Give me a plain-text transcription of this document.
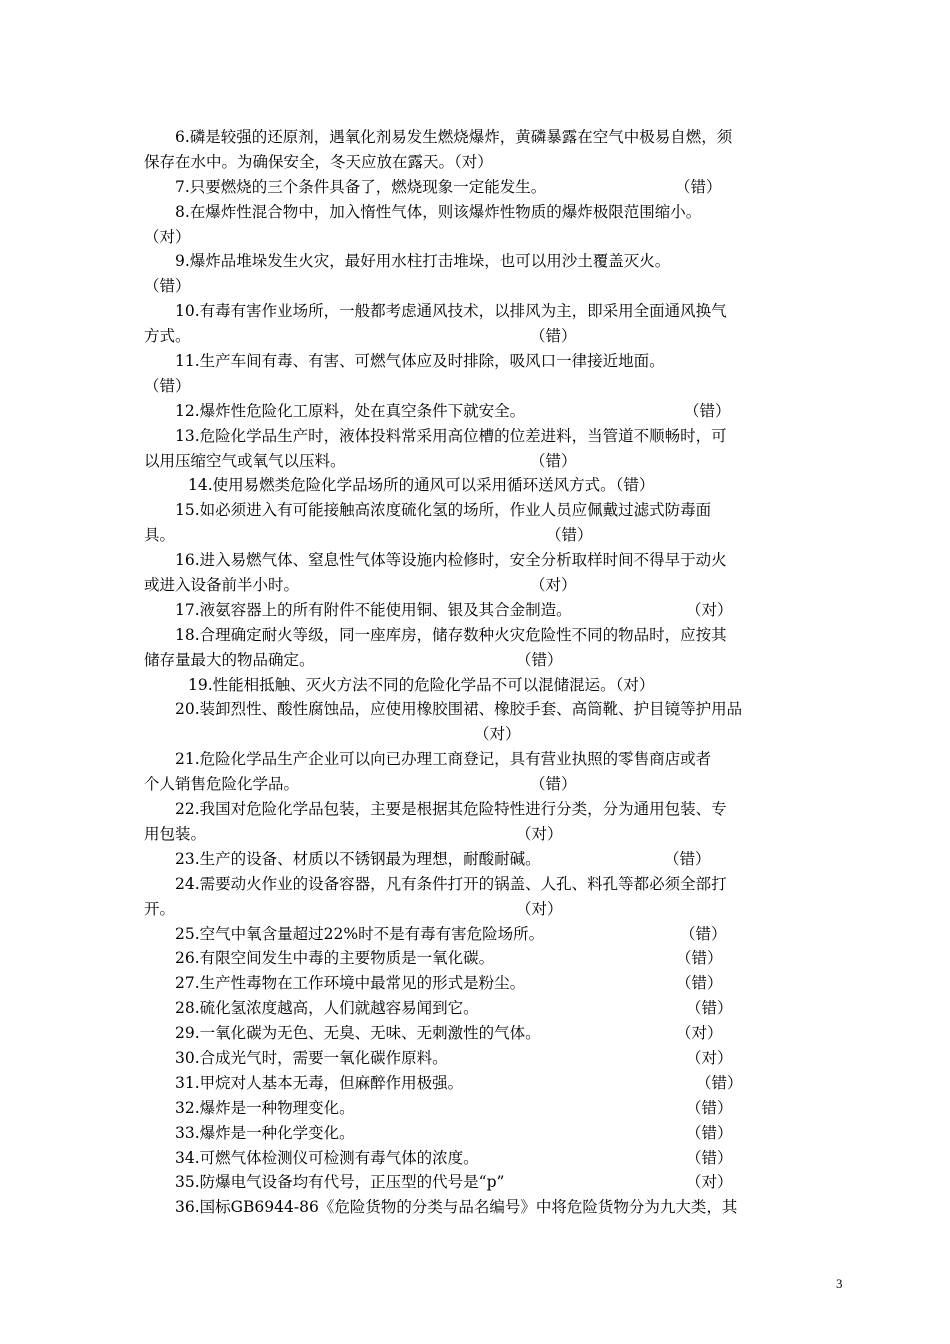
6.磷是较强的还原剂，遇氧化剂易发生燃烧爆炸，黄磷暴露在空气中极易自燃，须
保存在水中。为确保安全，冬天应放在露天。（对）
7.只要燃烧的三个条件具备了，燃烧现象一定能发生。	（错）
8.在爆炸性混合物中，加入惰性气体，则该爆炸性物质的爆炸极限范围缩小。
（对）
9.爆炸品堆垛发生火灾，最好用水柱打击堆垛，也可以用沙土覆盖灭火。
（错）
10.有毒有害作业场所，一般都考虑通风技术，以排风为主，即采用全面通风换气
方式。	（错）
11.生产车间有毒、有害、可燃气体应及时排除，吸风口一律接近地面。
（错）
12.爆炸性危险化工原料，处在真空条件下就安全。	（错）
13.危险化学品生产时，液体投料常采用高位槽的位差进料，当管道不顺畅时，可
以用压缩空气或氧气以压料。	（错）
14.使用易燃类危险化学品场所的通风可以采用循环送风方式。（错）
15.如必须进入有可能接触高浓度硫化氢的场所，作业人员应佩戴过滤式防毒面
具。	（错）
16.进入易燃气体、窒息性气体等设施内检修时，安全分析取样时间不得早于动火
或进入设备前半小时。	（对）
17.液氨容器上的所有附件不能使用铜、银及其合金制造。	（对）
18.合理确定耐火等级，同一座库房，储存数种火灾危险性不同的物品时，应按其
储存量最大的物品确定。	（错）
19.性能相抵触、灭火方法不同的危险化学品不可以混储混运。（对）
20.装卸烈性、酸性腐蚀品，应使用橡胶围裙、橡胶手套、高筒靴、护目镜等护用品
（对）
21.危险化学品生产企业可以向已办理工商登记，具有营业执照的零售商店或者
个人销售危险化学品。	（错）
22.我国对危险化学品包装，主要是根据其危险特性进行分类，分为通用包装、专
用包装。	（对）
23.生产的设备、材质以不锈钢最为理想，耐酸耐碱。	（错）
24.需要动火作业的设备容器，凡有条件打开的锅盖、人孔、料孔等都必须全部打
开。	（对）
25.空气中氧含量超过22%时不是有毒有害危险场所。	（错）
26.有限空间发生中毒的主要物质是一氧化碳。	（错）
27.生产性毒物在工作环境中最常见的形式是粉尘。	（错）
28.硫化氢浓度越高，人们就越容易闻到它。	（错）
29.一氧化碳为无色、无臭、无味、无刺激性的气体。	（对）
30.合成光气时，需要一氧化碳作原料。	（对）
31.甲烷对人基本无毒，但麻醉作用极强。	（错）
32.爆炸是一种物理变化。	（错）
33.爆炸是一种化学变化。	（错）
34.可燃气体检测仪可检测有毒气体的浓度。	（错）
35.防爆电气设备均有代号，正压型的代号是“p”	（对）
36.国标GB6944-86《危险货物的分类与品名编号》中将危险货物分为九大类，其
3
